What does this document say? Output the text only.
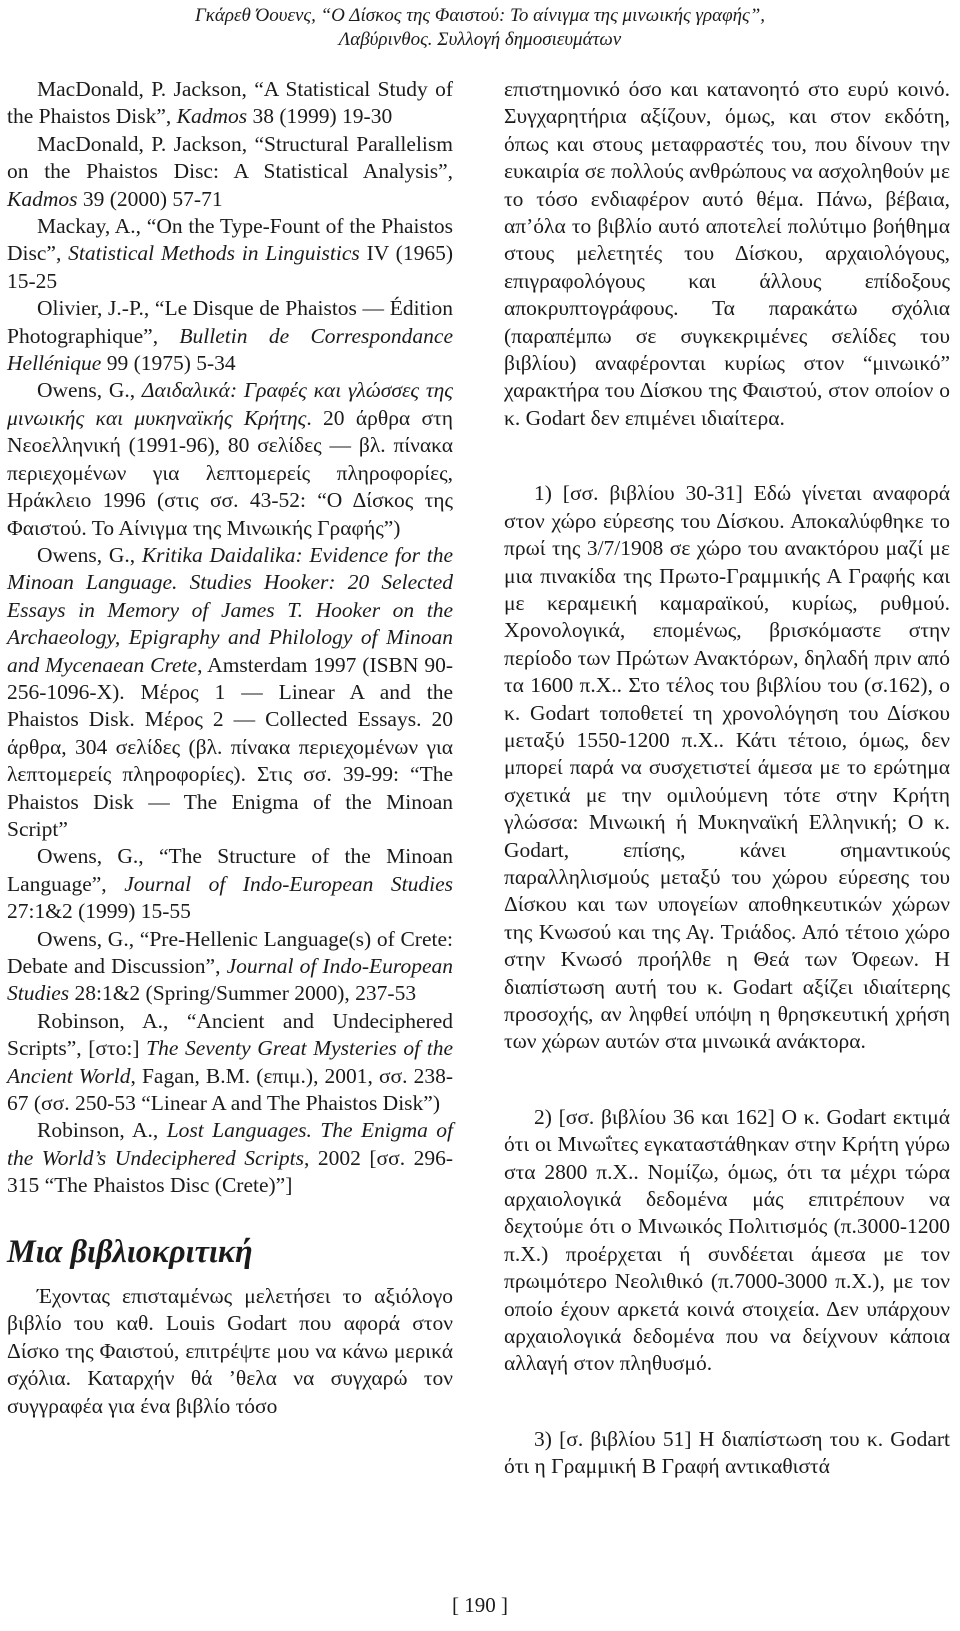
Γκάρεθ Όουενς, “Ο Δίσκος της Φαιστού: Το αίνιγμα της μινωικής γραφής”,
Λαβύρινθος. Συλλογή δημοσιευμάτων

MacDonald, P. Jackson, “A Statistical Study of the Phaistos Disk”, Kadmos 38 (1999) 19-30

MacDonald, P. Jackson, “Structural Parallelism on the Phaistos Disc: A Statistical Analysis”, Kadmos 39 (2000) 57-71

Mackay, A., “On the Type-Fount of the Phaistos Disc”, Statistical Methods in Linguistics IV (1965) 15-25

Olivier, J.-P., “Le Disque de Phaistos — Édition Photographique”, Bulletin de Correspondance Hellénique 99 (1975) 5-34

Owens, G., Δαιδαλικά: Γραφές και γλώσσες της μινωικής και μυκηναϊκής Κρήτης. 20 άρθρα στη Νεοελληνική (1991-96), 80 σελίδες — βλ. πίνακα περιεχομένων για λεπτομερείς πληροφορίες, Ηράκλειο 1996 (στις σσ. 43-52: “Ο Δίσκος της Φαιστού. Το Αίνιγμα της Μινωικής Γραφής”)

Owens, G., Kritika Daidalika: Evidence for the Minoan Language. Studies Hooker: 20 Selected Essays in Memory of James T. Hooker on the Archaeology, Epigraphy and Philology of Minoan and Mycenaean Crete, Amsterdam 1997 (ISBN 90-256-1096-X). Μέρος 1 — Linear A and the Phaistos Disk. Μέρος 2 — Collected Essays. 20 άρθρα, 304 σελίδες (βλ. πίνακα περιεχομένων για λεπτομερείς πληροφορίες). Στις σσ. 39-99: “The Phaistos Disk — The Enigma of the Minoan Script”

Owens, G., “The Structure of the Minoan Language”, Journal of Indo-European Studies 27:1&2 (1999) 15-55

Owens, G., “Pre-Hellenic Language(s) of Crete: Debate and Discussion”, Journal of Indo-European Studies 28:1&2 (Spring/Summer 2000), 237-53

Robinson, A., “Ancient and Undeciphered Scripts”, [στο:] The Seventy Great Mysteries of the Ancient World, Fagan, B.M. (επιμ.), 2001, σσ. 238-67 (σσ. 250-53 “Linear A and The Phaistos Disk”)

Robinson, A., Lost Languages. The Enigma of the World’s Undeciphered Scripts, 2002 [σσ. 296-315 “The Phaistos Disc (Crete)”]

Μια βιβλιοκριτική

Έχοντας επισταμένως μελετήσει το αξιόλογο βιβλίο του καθ. Louis Godart που αφορά στον Δίσκο της Φαιστού, επιτρέψτε μου να κάνω μερικά σχόλια. Καταρχήν θά ’θελα να συγχαρώ τον συγγραφέα για ένα βιβλίο τόσο

επιστημονικό όσο και κατανοητό στο ευρύ κοινό. Συγχαρητήρια αξίζουν, όμως, και στον εκδότη, όπως και στους μεταφραστές του, που δίνουν την ευκαιρία σε πολλούς ανθρώπους να ασχοληθούν με το τόσο ενδιαφέρον αυτό θέμα. Πάνω, βέβαια, απ’όλα το βιβλίο αυτό αποτελεί πολύτιμο βοήθημα στους μελετητές του Δίσκου, αρχαιολόγους, επιγραφολόγους και άλλους επίδοξους αποκρυπτογράφους. Τα παρακάτω σχόλια (παραπέμπω σε συγκεκριμένες σελίδες του βιβλίου) αναφέρονται κυρίως στον “μινωικό” χαρακτήρα του Δίσκου της Φαιστού, στον οποίον ο κ. Godart δεν επιμένει ιδιαίτερα.

1) [σσ. βιβλίου 30-31] Εδώ γίνεται αναφορά στον χώρο εύρεσης του Δίσκου. Αποκαλύφθηκε το πρωί της 3/7/1908 σε χώρο του ανακτόρου μαζί με μια πινακίδα της Πρωτο-Γραμμικής Α Γραφής και με κεραμεική καμαραϊκού, κυρίως, ρυθμού. Χρονολογικά, επομένως, βρισκόμαστε στην περίοδο των Πρώτων Ανακτόρων, δηλαδή πριν από τα 1600 π.Χ.. Στο τέλος του βιβλίου του (σ.162), ο κ. Godart τοποθετεί τη χρονολόγηση του Δίσκου μεταξύ 1550-1200 π.Χ.. Κάτι τέτοιο, όμως, δεν μπορεί παρά να συσχετιστεί άμεσα με το ερώτημα σχετικά με την ομιλούμενη τότε στην Κρήτη γλώσσα: Μινωική ή Μυκηναϊκή Ελληνική; Ο κ. Godart, επίσης, κάνει σημαντικούς παραλληλισμούς μεταξύ του χώρου εύρεσης του Δίσκου και των υπογείων αποθηκευτικών χώρων της Κνωσού και της Αγ. Τριάδος. Από τέτοιο χώρο στην Κνωσό προήλθε η Θεά των Όφεων. Η διαπίστωση αυτή του κ. Godart αξίζει ιδιαίτερης προσοχής, αν ληφθεί υπόψη η θρησκευτική χρήση των χώρων αυτών στα μινωικά ανάκτορα.

2) [σσ. βιβλίου 36 και 162] Ο κ. Godart εκτιμά ότι οι Μινωΐτες εγκαταστάθηκαν στην Κρήτη γύρω στα 2800 π.Χ.. Νομίζω, όμως, ότι τα μέχρι τώρα αρχαιολογικά δεδομένα μάς επιτρέπουν να δεχτούμε ότι ο Μινωικός Πολιτισμός (π.3000-1200 π.Χ.) προέρχεται ή συνδέεται άμεσα με τον πρωιμότερο Νεολιθικό (π.7000-3000 π.Χ.), με τον οποίο έχουν αρκετά κοινά στοιχεία. Δεν υπάρχουν αρχαιολογικά δεδομένα που να δείχνουν κάποια αλλαγή στον πληθυσμό.

3) [σ. βιβλίου 51] Η διαπίστωση του κ. Godart ότι η Γραμμική Β Γραφή αντικαθιστά

[ 190 ]
